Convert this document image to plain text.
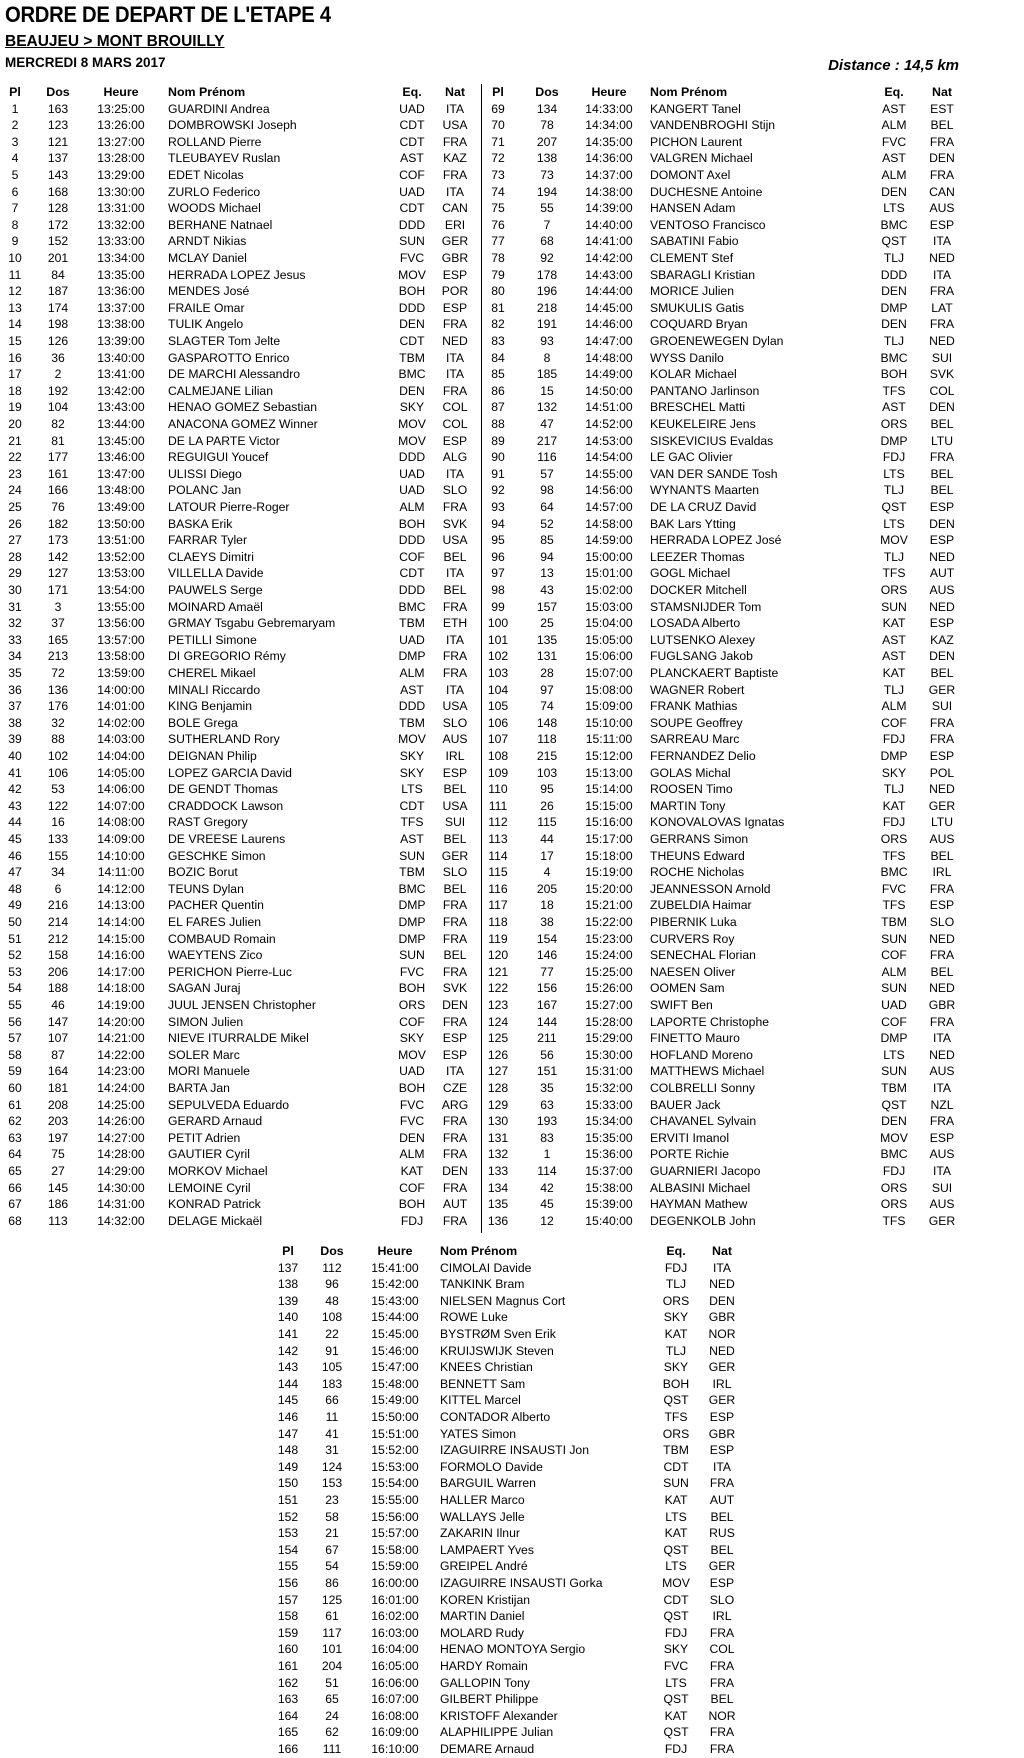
ORDRE DE DEPART DE L'ETAPE 4
BEAUJEU > MONT BROUILLY
MERCREDI 8 MARS 2017	Distance : 14,5 km
Pl	Dos	Heure	Nom Prénom	Eq.	Nat
1	163	13:25:00	GUARDINI Andrea	UAD	ITA
2	123	13:26:00	DOMBROWSKI Joseph	CDT	USA
3	121	13:27:00	ROLLAND Pierre	CDT	FRA
4	137	13:28:00	TLEUBAYEV Ruslan	AST	KAZ
5	143	13:29:00	EDET Nicolas	COF	FRA
6	168	13:30:00	ZURLO Federico	UAD	ITA
7	128	13:31:00	WOODS Michael	CDT	CAN
8	172	13:32:00	BERHANE Natnael	DDD	ERI
9	152	13:33:00	ARNDT Nikias	SUN	GER
10	201	13:34:00	MCLAY Daniel	FVC	GBR
11	84	13:35:00	HERRADA LOPEZ Jesus	MOV	ESP
12	187	13:36:00	MENDES José	BOH	POR
13	174	13:37:00	FRAILE Omar	DDD	ESP
14	198	13:38:00	TULIK Angelo	DEN	FRA
15	126	13:39:00	SLAGTER Tom Jelte	CDT	NED
16	36	13:40:00	GASPAROTTO Enrico	TBM	ITA
17	2	13:41:00	DE MARCHI Alessandro	BMC	ITA
18	192	13:42:00	CALMEJANE Lilian	DEN	FRA
19	104	13:43:00	HENAO GOMEZ Sebastian	SKY	COL
20	82	13:44:00	ANACONA GOMEZ Winner	MOV	COL
21	81	13:45:00	DE LA PARTE Victor	MOV	ESP
22	177	13:46:00	REGUIGUI Youcef	DDD	ALG
23	161	13:47:00	ULISSI Diego	UAD	ITA
24	166	13:48:00	POLANC Jan	UAD	SLO
25	76	13:49:00	LATOUR Pierre-Roger	ALM	FRA
26	182	13:50:00	BASKA Erik	BOH	SVK
27	173	13:51:00	FARRAR Tyler	DDD	USA
28	142	13:52:00	CLAEYS Dimitri	COF	BEL
29	127	13:53:00	VILLELLA Davide	CDT	ITA
30	171	13:54:00	PAUWELS Serge	DDD	BEL
31	3	13:55:00	MOINARD Amaël	BMC	FRA
32	37	13:56:00	GRMAY Tsgabu Gebremaryam	TBM	ETH
33	165	13:57:00	PETILLI Simone	UAD	ITA
34	213	13:58:00	DI GREGORIO Rémy	DMP	FRA
35	72	13:59:00	CHEREL Mikael	ALM	FRA
36	136	14:00:00	MINALI Riccardo	AST	ITA
37	176	14:01:00	KING Benjamin	DDD	USA
38	32	14:02:00	BOLE Grega	TBM	SLO
39	88	14:03:00	SUTHERLAND Rory	MOV	AUS
40	102	14:04:00	DEIGNAN Philip	SKY	IRL
41	106	14:05:00	LOPEZ GARCIA David	SKY	ESP
42	53	14:06:00	DE GENDT Thomas	LTS	BEL
43	122	14:07:00	CRADDOCK Lawson	CDT	USA
44	16	14:08:00	RAST Gregory	TFS	SUI
45	133	14:09:00	DE VREESE Laurens	AST	BEL
46	155	14:10:00	GESCHKE Simon	SUN	GER
47	34	14:11:00	BOZIC Borut	TBM	SLO
48	6	14:12:00	TEUNS Dylan	BMC	BEL
49	216	14:13:00	PACHER Quentin	DMP	FRA
50	214	14:14:00	EL FARES Julien	DMP	FRA
51	212	14:15:00	COMBAUD Romain	DMP	FRA
52	158	14:16:00	WAEYTENS Zico	SUN	BEL
53	206	14:17:00	PERICHON Pierre-Luc	FVC	FRA
54	188	14:18:00	SAGAN Juraj	BOH	SVK
55	46	14:19:00	JUUL JENSEN Christopher	ORS	DEN
56	147	14:20:00	SIMON Julien	COF	FRA
57	107	14:21:00	NIEVE ITURRALDE Mikel	SKY	ESP
58	87	14:22:00	SOLER Marc	MOV	ESP
59	164	14:23:00	MORI Manuele	UAD	ITA
60	181	14:24:00	BARTA Jan	BOH	CZE
61	208	14:25:00	SEPULVEDA Eduardo	FVC	ARG
62	203	14:26:00	GERARD Arnaud	FVC	FRA
63	197	14:27:00	PETIT Adrien	DEN	FRA
64	75	14:28:00	GAUTIER Cyril	ALM	FRA
65	27	14:29:00	MORKOV Michael	KAT	DEN
66	145	14:30:00	LEMOINE Cyril	COF	FRA
67	186	14:31:00	KONRAD Patrick	BOH	AUT
68	113	14:32:00	DELAGE Mickaël	FDJ	FRA
Pl	Dos	Heure	Nom Prénom	Eq.	Nat
69	134	14:33:00	KANGERT Tanel	AST	EST
70	78	14:34:00	VANDENBROGHI Stijn	ALM	BEL
71	207	14:35:00	PICHON Laurent	FVC	FRA
72	138	14:36:00	VALGREN Michael	AST	DEN
73	73	14:37:00	DOMONT Axel	ALM	FRA
74	194	14:38:00	DUCHESNE Antoine	DEN	CAN
75	55	14:39:00	HANSEN Adam	LTS	AUS
76	7	14:40:00	VENTOSO Francisco	BMC	ESP
77	68	14:41:00	SABATINI Fabio	QST	ITA
78	92	14:42:00	CLEMENT Stef	TLJ	NED
79	178	14:43:00	SBARAGLI Kristian	DDD	ITA
80	196	14:44:00	MORICE Julien	DEN	FRA
81	218	14:45:00	SMUKULIS Gatis	DMP	LAT
82	191	14:46:00	COQUARD Bryan	DEN	FRA
83	93	14:47:00	GROENEWEGEN Dylan	TLJ	NED
84	8	14:48:00	WYSS Danilo	BMC	SUI
85	185	14:49:00	KOLAR Michael	BOH	SVK
86	15	14:50:00	PANTANO Jarlinson	TFS	COL
87	132	14:51:00	BRESCHEL Matti	AST	DEN
88	47	14:52:00	KEUKELEIRE Jens	ORS	BEL
89	217	14:53:00	SISKEVICIUS Evaldas	DMP	LTU
90	116	14:54:00	LE GAC Olivier	FDJ	FRA
91	57	14:55:00	VAN DER SANDE Tosh	LTS	BEL
92	98	14:56:00	WYNANTS Maarten	TLJ	BEL
93	64	14:57:00	DE LA CRUZ David	QST	ESP
94	52	14:58:00	BAK Lars Ytting	LTS	DEN
95	85	14:59:00	HERRADA LOPEZ José	MOV	ESP
96	94	15:00:00	LEEZER Thomas	TLJ	NED
97	13	15:01:00	GOGL Michael	TFS	AUT
98	43	15:02:00	DOCKER Mitchell	ORS	AUS
99	157	15:03:00	STAMSNIJDER Tom	SUN	NED
100	25	15:04:00	LOSADA Alberto	KAT	ESP
101	135	15:05:00	LUTSENKO Alexey	AST	KAZ
102	131	15:06:00	FUGLSANG Jakob	AST	DEN
103	28	15:07:00	PLANCKAERT Baptiste	KAT	BEL
104	97	15:08:00	WAGNER Robert	TLJ	GER
105	74	15:09:00	FRANK Mathias	ALM	SUI
106	148	15:10:00	SOUPE Geoffrey	COF	FRA
107	118	15:11:00	SARREAU Marc	FDJ	FRA
108	215	15:12:00	FERNANDEZ Delio	DMP	ESP
109	103	15:13:00	GOLAS Michal	SKY	POL
110	95	15:14:00	ROOSEN Timo	TLJ	NED
111	26	15:15:00	MARTIN Tony	KAT	GER
112	115	15:16:00	KONOVALOVAS Ignatas	FDJ	LTU
113	44	15:17:00	GERRANS Simon	ORS	AUS
114	17	15:18:00	THEUNS Edward	TFS	BEL
115	4	15:19:00	ROCHE Nicholas	BMC	IRL
116	205	15:20:00	JEANNESSON Arnold	FVC	FRA
117	18	15:21:00	ZUBELDIA Haimar	TFS	ESP
118	38	15:22:00	PIBERNIK Luka	TBM	SLO
119	154	15:23:00	CURVERS Roy	SUN	NED
120	146	15:24:00	SENECHAL Florian	COF	FRA
121	77	15:25:00	NAESEN Oliver	ALM	BEL
122	156	15:26:00	OOMEN Sam	SUN	NED
123	167	15:27:00	SWIFT Ben	UAD	GBR
124	144	15:28:00	LAPORTE Christophe	COF	FRA
125	211	15:29:00	FINETTO Mauro	DMP	ITA
126	56	15:30:00	HOFLAND Moreno	LTS	NED
127	151	15:31:00	MATTHEWS Michael	SUN	AUS
128	35	15:32:00	COLBRELLI Sonny	TBM	ITA
129	63	15:33:00	BAUER Jack	QST	NZL
130	193	15:34:00	CHAVANEL Sylvain	DEN	FRA
131	83	15:35:00	ERVITI Imanol	MOV	ESP
132	1	15:36:00	PORTE Richie	BMC	AUS
133	114	15:37:00	GUARNIERI Jacopo	FDJ	ITA
134	42	15:38:00	ALBASINI Michael	ORS	SUI
135	45	15:39:00	HAYMAN Mathew	ORS	AUS
136	12	15:40:00	DEGENKOLB John	TFS	GER
Pl	Dos	Heure	Nom Prénom	Eq.	Nat
137	112	15:41:00	CIMOLAI Davide	FDJ	ITA
138	96	15:42:00	TANKINK Bram	TLJ	NED
139	48	15:43:00	NIELSEN Magnus Cort	ORS	DEN
140	108	15:44:00	ROWE Luke	SKY	GBR
141	22	15:45:00	BYSTRØM Sven Erik	KAT	NOR
142	91	15:46:00	KRUIJSWIJK Steven	TLJ	NED
143	105	15:47:00	KNEES Christian	SKY	GER
144	183	15:48:00	BENNETT Sam	BOH	IRL
145	66	15:49:00	KITTEL Marcel	QST	GER
146	11	15:50:00	CONTADOR Alberto	TFS	ESP
147	41	15:51:00	YATES Simon	ORS	GBR
148	31	15:52:00	IZAGUIRRE INSAUSTI Jon	TBM	ESP
149	124	15:53:00	FORMOLO Davide	CDT	ITA
150	153	15:54:00	BARGUIL Warren	SUN	FRA
151	23	15:55:00	HALLER Marco	KAT	AUT
152	58	15:56:00	WALLAYS Jelle	LTS	BEL
153	21	15:57:00	ZAKARIN Ilnur	KAT	RUS
154	67	15:58:00	LAMPAERT Yves	QST	BEL
155	54	15:59:00	GREIPEL André	LTS	GER
156	86	16:00:00	IZAGUIRRE INSAUSTI Gorka	MOV	ESP
157	125	16:01:00	KOREN Kristijan	CDT	SLO
158	61	16:02:00	MARTIN Daniel	QST	IRL
159	117	16:03:00	MOLARD Rudy	FDJ	FRA
160	101	16:04:00	HENAO MONTOYA Sergio	SKY	COL
161	204	16:05:00	HARDY Romain	FVC	FRA
162	51	16:06:00	GALLOPIN Tony	LTS	FRA
163	65	16:07:00	GILBERT Philippe	QST	BEL
164	24	16:08:00	KRISTOFF Alexander	KAT	NOR
165	62	16:09:00	ALAPHILIPPE Julian	QST	FRA
166	111	16:10:00	DEMARE Arnaud	FDJ	FRA
